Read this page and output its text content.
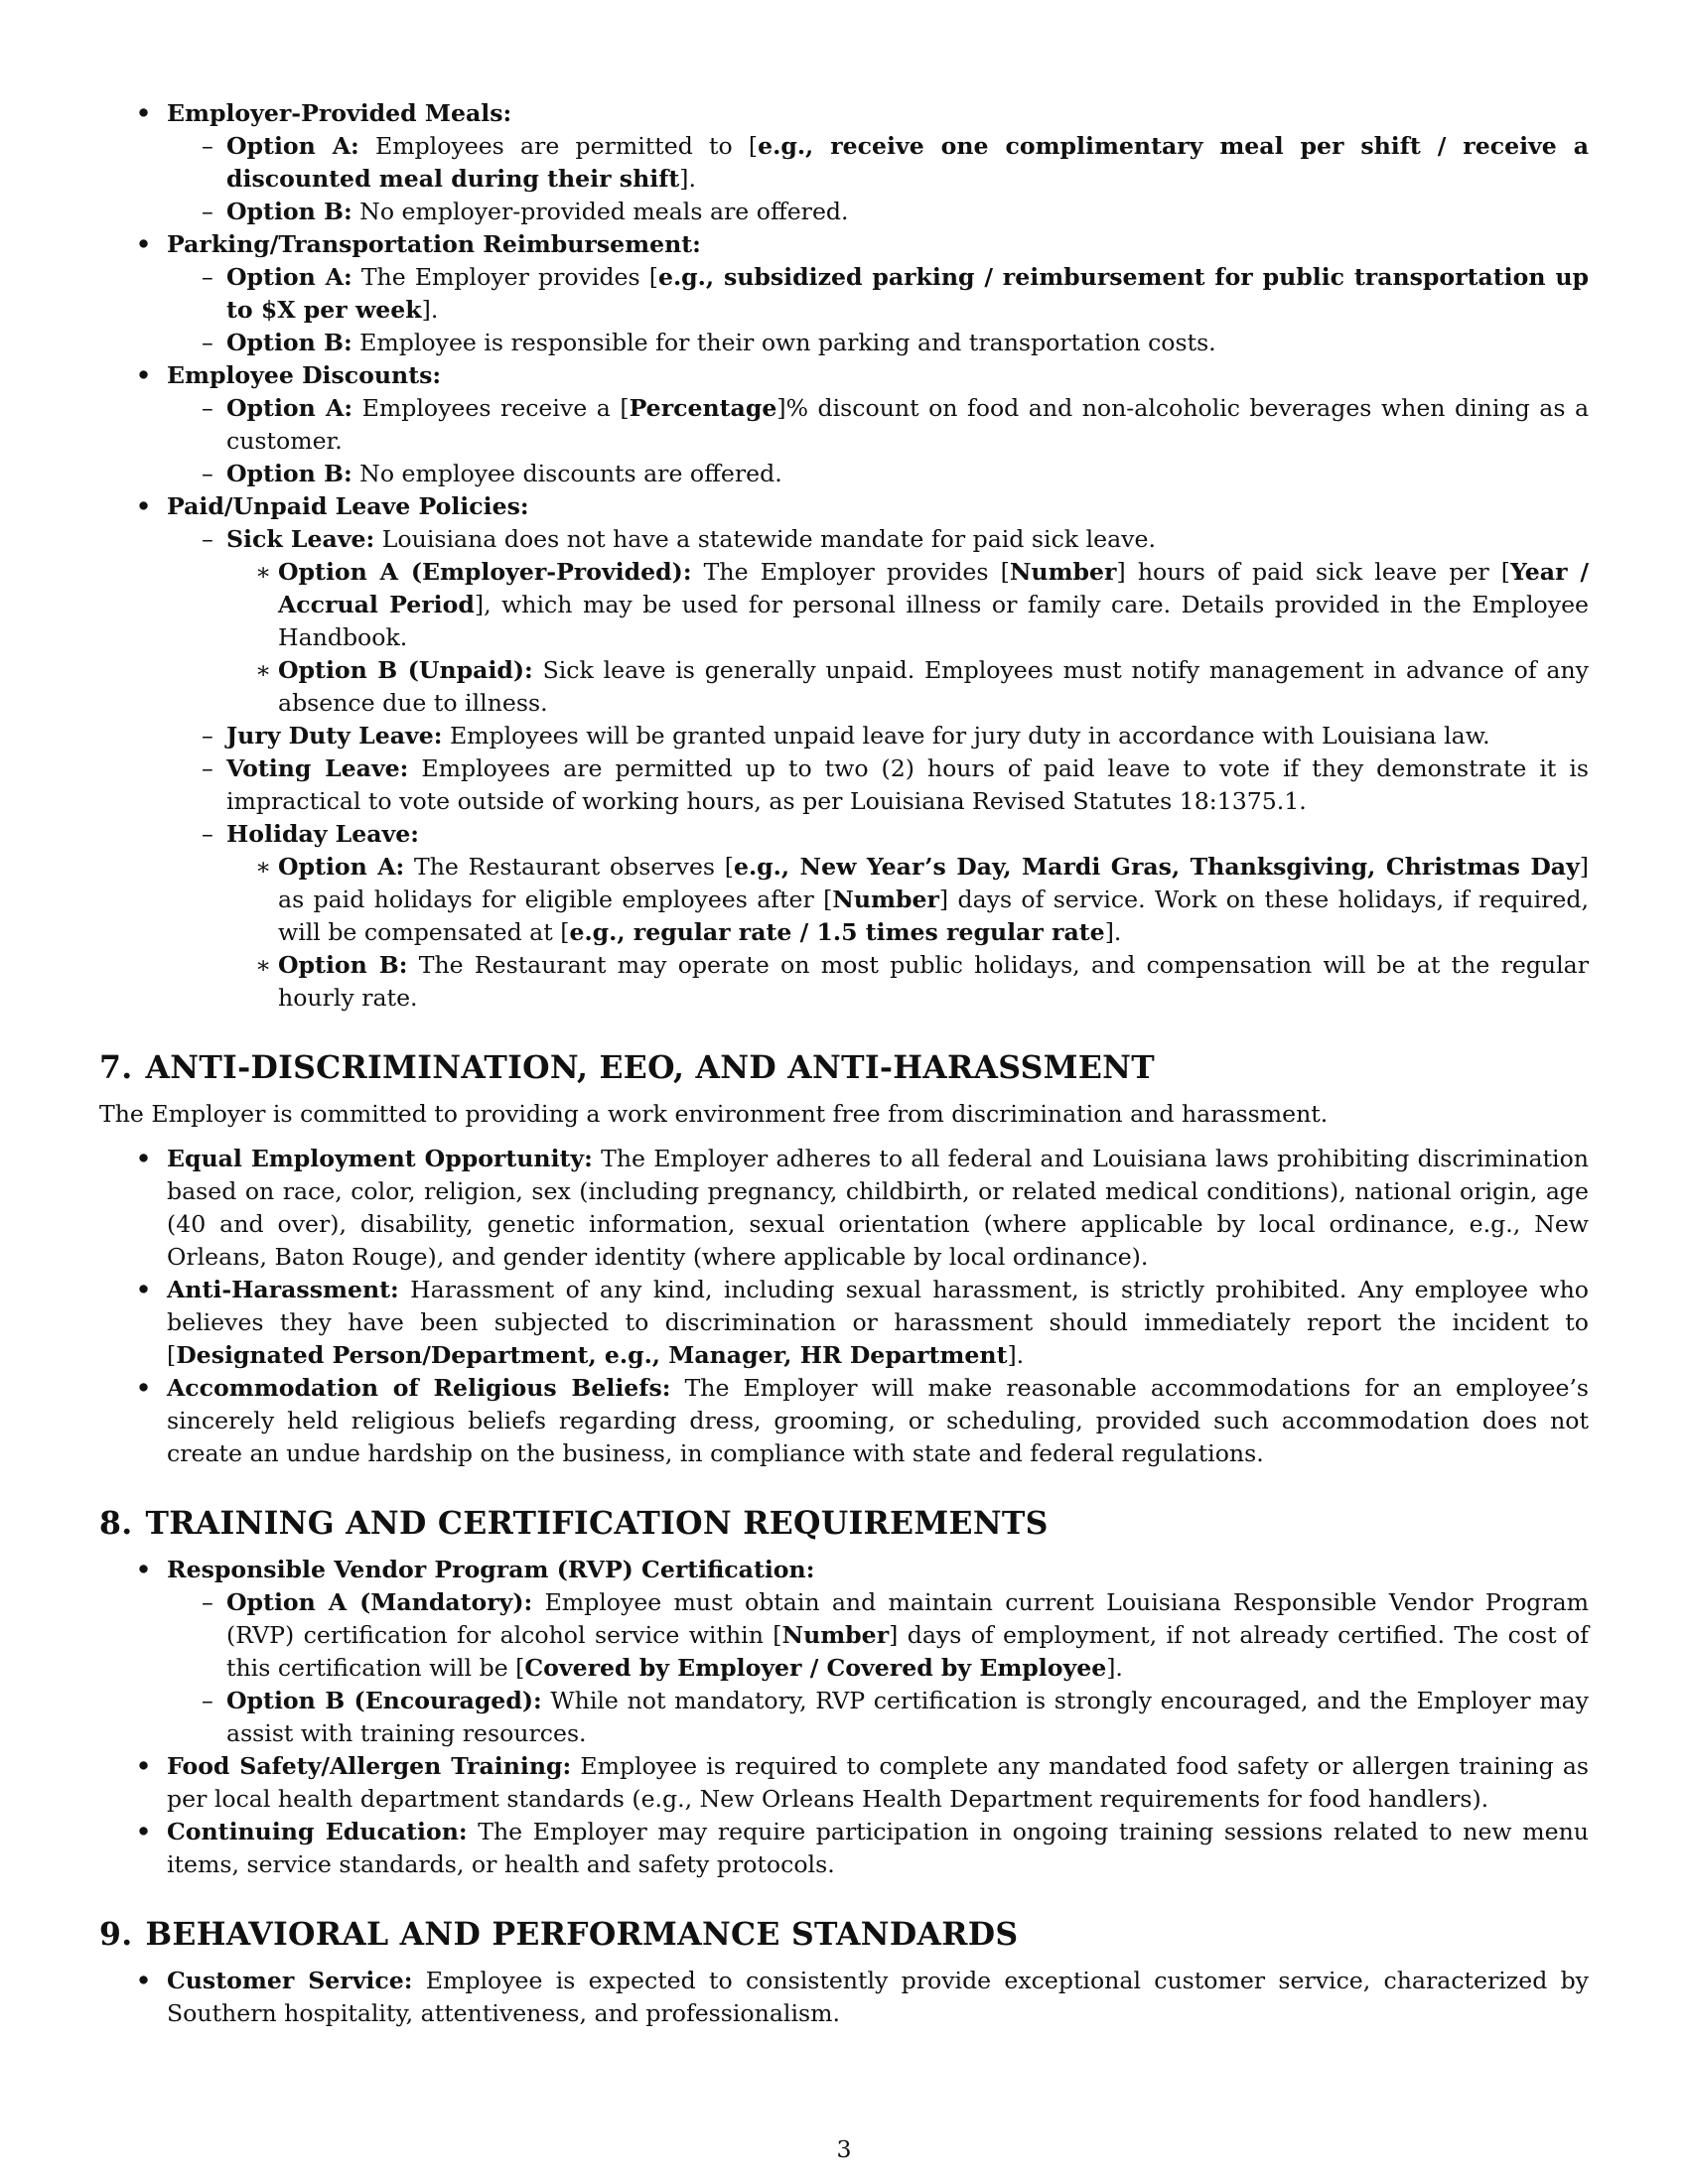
• Employer-Provided Meals:
– Option A: Employees are permitted to [e.g., receive one complimentary meal per shift / receive a discounted meal during their shift].
– Option B: No employer-provided meals are offered.
• Parking/Transportation Reimbursement:
– Option A: The Employer provides [e.g., subsidized parking / reimbursement for public transportation up to $X per week].
– Option B: Employee is responsible for their own parking and transportation costs.
• Employee Discounts:
– Option A: Employees receive a [Percentage]% discount on food and non-alcoholic beverages when dining as a customer.
– Option B: No employee discounts are offered.
• Paid/Unpaid Leave Policies:
– Sick Leave: Louisiana does not have a statewide mandate for paid sick leave.
∗ Option A (Employer-Provided): The Employer provides [Number] hours of paid sick leave per [Year / Accrual Period], which may be used for personal illness or family care. Details provided in the Employee Handbook.
∗ Option B (Unpaid): Sick leave is generally unpaid. Employees must notify management in advance of any absence due to illness.
– Jury Duty Leave: Employees will be granted unpaid leave for jury duty in accordance with Louisiana law.
– Voting Leave: Employees are permitted up to two (2) hours of paid leave to vote if they demonstrate it is impractical to vote outside of working hours, as per Louisiana Revised Statutes 18:1375.1.
– Holiday Leave:
∗ Option A: The Restaurant observes [e.g., New Year’s Day, Mardi Gras, Thanksgiving, Christmas Day] as paid holidays for eligible employees after [Number] days of service. Work on these holidays, if required, will be compensated at [e.g., regular rate / 1.5 times regular rate].
∗ Option B: The Restaurant may operate on most public holidays, and compensation will be at the regular hourly rate.
7. ANTI-DISCRIMINATION, EEO, AND ANTI-HARASSMENT

The Employer is committed to providing a work environment free from discrimination and harassment.

• Equal Employment Opportunity: The Employer adheres to all federal and Louisiana laws prohibiting discrimination based on race, color, religion, sex (including pregnancy, childbirth, or related medical conditions), national origin, age (40 and over), disability, genetic information, sexual orientation (where applicable by local ordinance, e.g., New Orleans, Baton Rouge), and gender identity (where applicable by local ordinance).
• Anti-Harassment: Harassment of any kind, including sexual harassment, is strictly prohibited. Any employee who believes they have been subjected to discrimination or harassment should immediately report the incident to [Designated Person/Department, e.g., Manager, HR Department].
• Accommodation of Religious Beliefs: The Employer will make reasonable accommodations for an employee’s sincerely held religious beliefs regarding dress, grooming, or scheduling, provided such accommodation does not create an undue hardship on the business, in compliance with state and federal regulations.
8. TRAINING AND CERTIFICATION REQUIREMENTS
• Responsible Vendor Program (RVP) Certification:
– Option A (Mandatory): Employee must obtain and maintain current Louisiana Responsible Vendor Program (RVP) certification for alcohol service within [Number] days of employment, if not already certified. The cost of this certification will be [Covered by Employer / Covered by Employee].
– Option B (Encouraged): While not mandatory, RVP certification is strongly encouraged, and the Employer may assist with training resources.
• Food Safety/Allergen Training: Employee is required to complete any mandated food safety or allergen training as per local health department standards (e.g., New Orleans Health Department requirements for food handlers).
• Continuing Education: The Employer may require participation in ongoing training sessions related to new menu items, service standards, or health and safety protocols.
9. BEHAVIORAL AND PERFORMANCE STANDARDS
• Customer Service: Employee is expected to consistently provide exceptional customer service, characterized by Southern hospitality, attentiveness, and professionalism.
3
